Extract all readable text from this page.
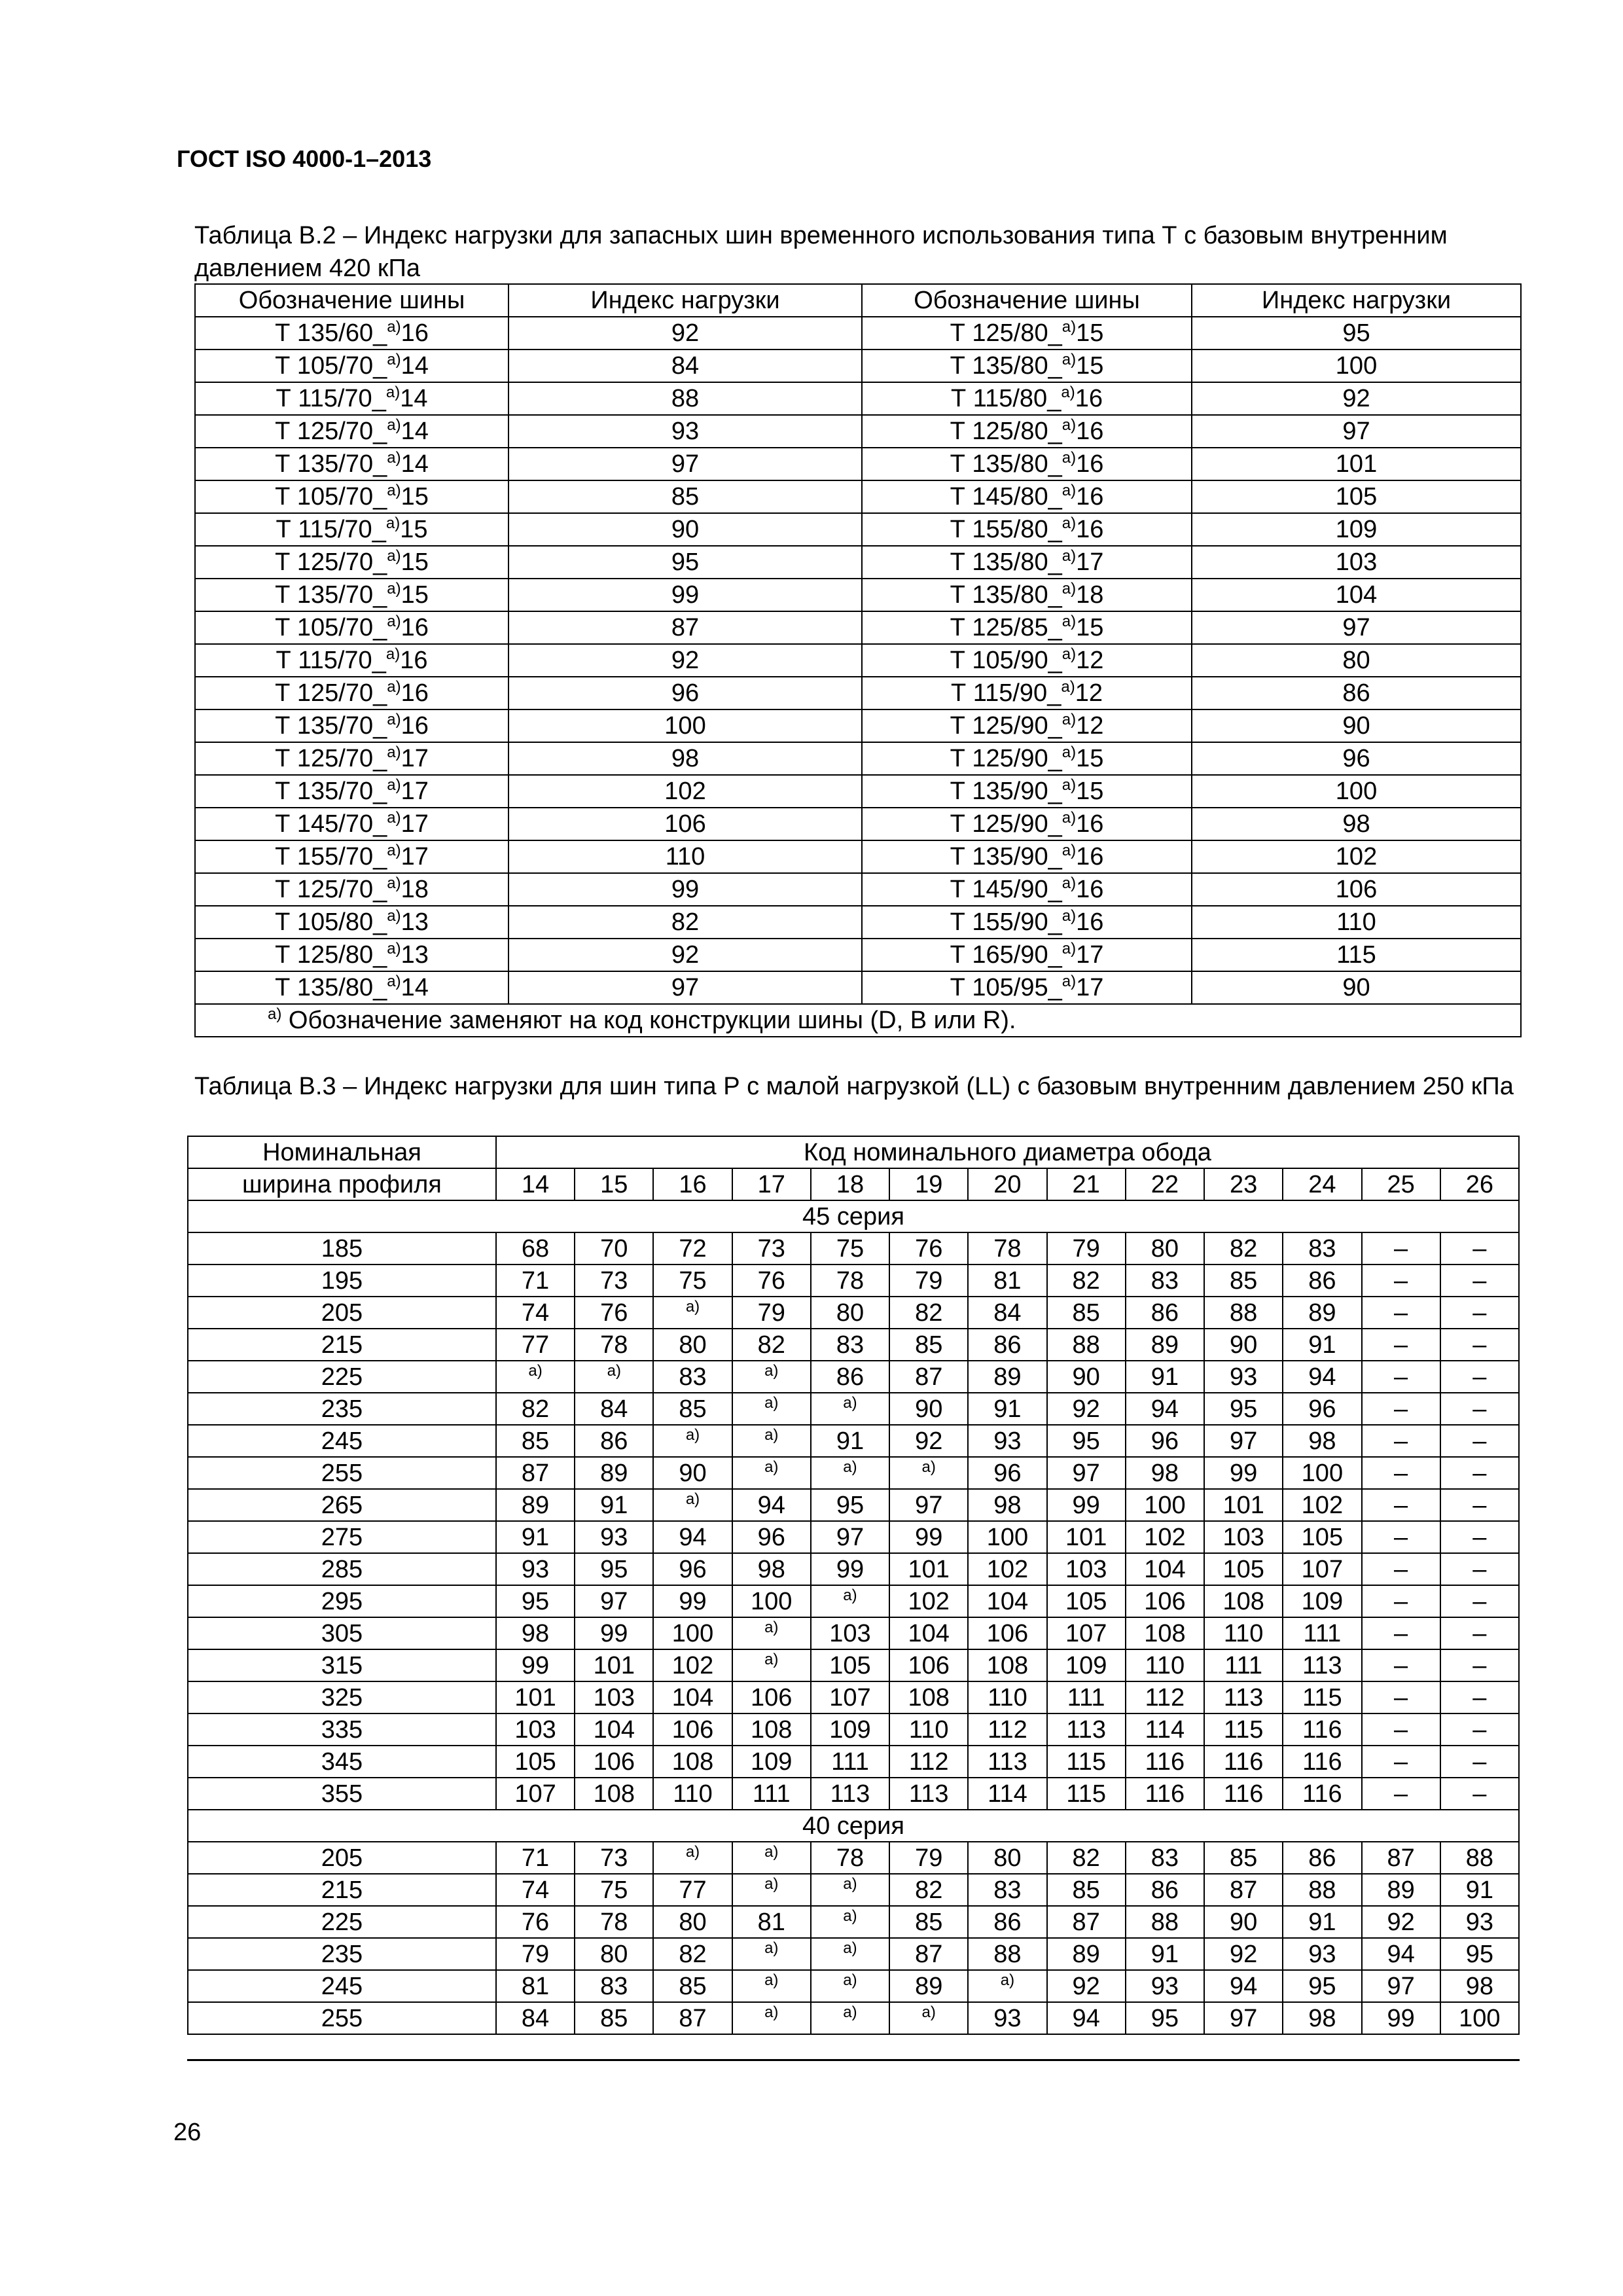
ГОСТ ISO 4000-1–2013

Таблица В.2 – Индекс нагрузки для запасных шин временного использования типа Т с базовым внутренним давлением 420 кПа

Обозначение шины	Индекс нагрузки	Обозначение шины	Индекс нагрузки
Т 135/60_$^{а)}$16	92	Т 125/80_$^{а)}$15	95
Т 105/70_$^{а)}$14	84	Т 135/80_$^{а)}$15	100
Т 115/70_$^{а)}$14	88	Т 115/80_$^{а)}$16	92
Т 125/70_$^{а)}$14	93	Т 125/80_$^{а)}$16	97
Т 135/70_$^{а)}$14	97	Т 135/80_$^{а)}$16	101
Т 105/70_$^{а)}$15	85	Т 145/80_$^{а)}$16	105
Т 115/70_$^{а)}$15	90	Т 155/80_$^{а)}$16	109
Т 125/70_$^{а)}$15	95	Т 135/80_$^{а)}$17	103
Т 135/70_$^{а)}$15	99	Т 135/80_$^{а)}$18	104
Т 105/70_$^{а)}$16	87	Т 125/85_$^{а)}$15	97
Т 115/70_$^{а)}$16	92	Т 105/90_$^{а)}$12	80
Т 125/70_$^{а)}$16	96	Т 115/90_$^{а)}$12	86
Т 135/70_$^{а)}$16	100	Т 125/90_$^{а)}$12	90
Т 125/70_$^{а)}$17	98	Т 125/90_$^{а)}$15	96
Т 135/70_$^{а)}$17	102	Т 135/90_$^{а)}$15	100
Т 145/70_$^{а)}$17	106	Т 125/90_$^{а)}$16	98
Т 155/70_$^{а)}$17	110	Т 135/90_$^{а)}$16	102
Т 125/70_$^{а)}$18	99	Т 145/90_$^{а)}$16	106
Т 105/80_$^{а)}$13	82	Т 155/90_$^{а)}$16	110
Т 125/80_$^{а)}$13	92	Т 165/90_$^{а)}$17	115
Т 135/80_$^{а)}$14	97	Т 105/95_$^{а)}$17	90
$^{а)}$ Обозначение заменяют на код конструкции шины (D, B или R).			

Таблица В.3 – Индекс нагрузки для шин типа Р с малой нагрузкой (LL) с базовым внутренним давлением 250 кПа

Номинальная	Код номинального диаметра обода												
ширина профиля	14	15	16	17	18	19	20	21	22	23	24	25	26
45 серия													
185	68	70	72	73	75	76	78	79	80	82	83	–	–
195	71	73	75	76	78	79	81	82	83	85	86	–	–
205	74	76	$^{а)}$	79	80	82	84	85	86	88	89	–	–
215	77	78	80	82	83	85	86	88	89	90	91	–	–
225	$^{а)}$	$^{а)}$	83	$^{а)}$	86	87	89	90	91	93	94	–	–
235	82	84	85	$^{а)}$	$^{а)}$	90	91	92	94	95	96	–	–
245	85	86	$^{а)}$	$^{а)}$	91	92	93	95	96	97	98	–	–
255	87	89	90	$^{а)}$	$^{а)}$	$^{а)}$	96	97	98	99	100	–	–
265	89	91	$^{а)}$	94	95	97	98	99	100	101	102	–	–
275	91	93	94	96	97	99	100	101	102	103	105	–	–
285	93	95	96	98	99	101	102	103	104	105	107	–	–
295	95	97	99	100	$^{а)}$	102	104	105	106	108	109	–	–
305	98	99	100	$^{а)}$	103	104	106	107	108	110	111	–	–
315	99	101	102	$^{а)}$	105	106	108	109	110	111	113	–	–
325	101	103	104	106	107	108	110	111	112	113	115	–	–
335	103	104	106	108	109	110	112	113	114	115	116	–	–
345	105	106	108	109	111	112	113	115	116	116	116	–	–
355	107	108	110	111	113	113	114	115	116	116	116	–	–
40 серия													
205	71	73	$^{а)}$	$^{а)}$	78	79	80	82	83	85	86	87	88
215	74	75	77	$^{а)}$	$^{а)}$	82	83	85	86	87	88	89	91
225	76	78	80	81	$^{а)}$	85	86	87	88	90	91	92	93
235	79	80	82	$^{а)}$	$^{а)}$	87	88	89	91	92	93	94	95
245	81	83	85	$^{а)}$	$^{а)}$	89	$^{а)}$	92	93	94	95	97	98
255	84	85	87	$^{а)}$	$^{а)}$	$^{а)}$	93	94	95	97	98	99	100

26
